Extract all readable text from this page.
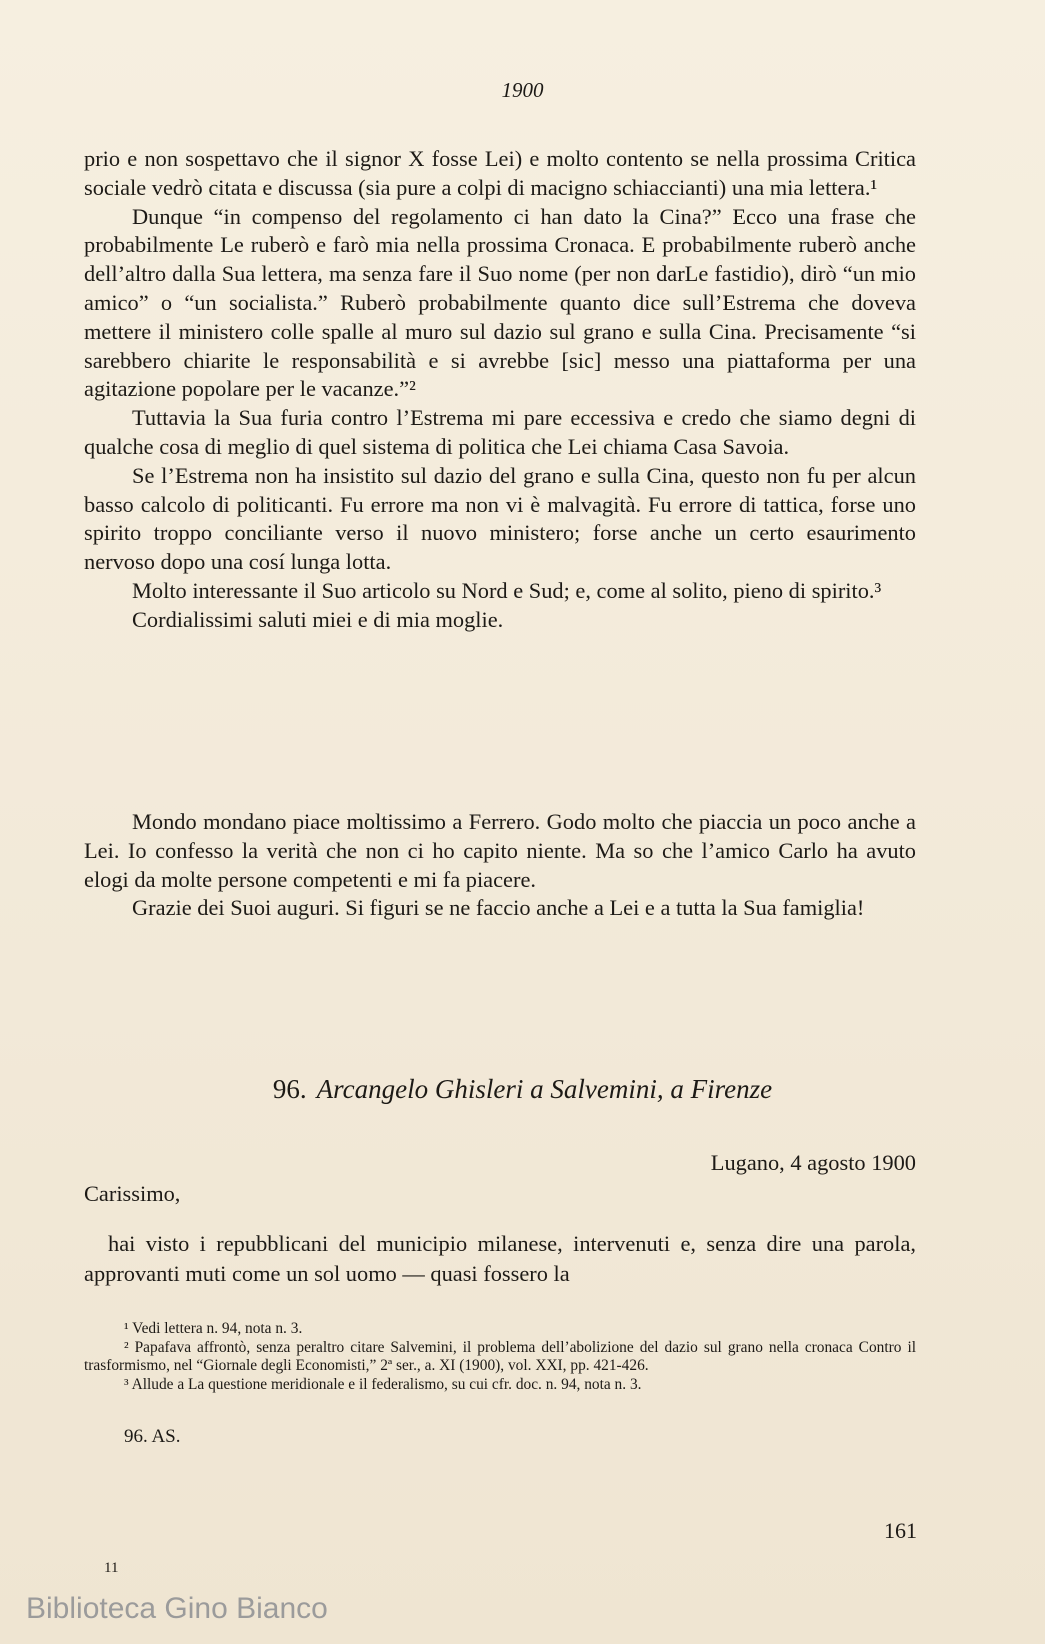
1900

prio e non sospettavo che il signor X fosse Lei) e molto contento se nella prossima Critica sociale vedrò citata e discussa (sia pure a colpi di macigno schiaccianti) una mia lettera.¹

Dunque “in compenso del regolamento ci han dato la Cina?” Ecco una frase che probabilmente Le ruberò e farò mia nella prossima Cronaca. E probabilmente ruberò anche dell’altro dalla Sua lettera, ma senza fare il Suo nome (per non darLe fastidio), dirò “un mio amico” o “un socialista.” Ruberò probabilmente quanto dice sull’Estrema che doveva mettere il ministero colle spalle al muro sul dazio sul grano e sulla Cina. Precisamente “si sarebbero chiarite le responsabilità e si avrebbe [sic] messo una piattaforma per una agitazione popolare per le vacanze.”²

Tuttavia la Sua furia contro l’Estrema mi pare eccessiva e credo che siamo degni di qualche cosa di meglio di quel sistema di politica che Lei chiama Casa Savoia.

Se l’Estrema non ha insistito sul dazio del grano e sulla Cina, questo non fu per alcun basso calcolo di politicanti. Fu errore ma non vi è malvagità. Fu errore di tattica, forse uno spirito troppo conciliante verso il nuovo ministero; forse anche un certo esaurimento nervoso dopo una cosí lunga lotta.

Molto interessante il Suo articolo su Nord e Sud; e, come al solito, pieno di spirito.³

Cordialissimi saluti miei e di mia moglie.

Mondo mondano piace moltissimo a Ferrero. Godo molto che piaccia un poco anche a Lei. Io confesso la verità che non ci ho capito niente. Ma so che l’amico Carlo ha avuto elogi da molte persone competenti e mi fa piacere.

Grazie dei Suoi auguri. Si figuri se ne faccio anche a Lei e a tutta la Sua famiglia!

96. Arcangelo Ghisleri a Salvemini, a Firenze
Lugano, 4 agosto 1900
Carissimo,

hai visto i repubblicani del municipio milanese, intervenuti e, senza dire una parola, approvanti muti come un sol uomo — quasi fossero la

¹ Vedi lettera n. 94, nota n. 3.

² Papafava affrontò, senza peraltro citare Salvemini, il problema dell’abolizione del dazio sul grano nella cronaca Contro il trasformismo, nel “Giornale degli Economisti,” 2ª ser., a. XI (1900), vol. XXI, pp. 421-426.

³ Allude a La questione meridionale e il federalismo, su cui cfr. doc. n. 94, nota n. 3.

96. AS.
161
11
Biblioteca Gino Bianco
